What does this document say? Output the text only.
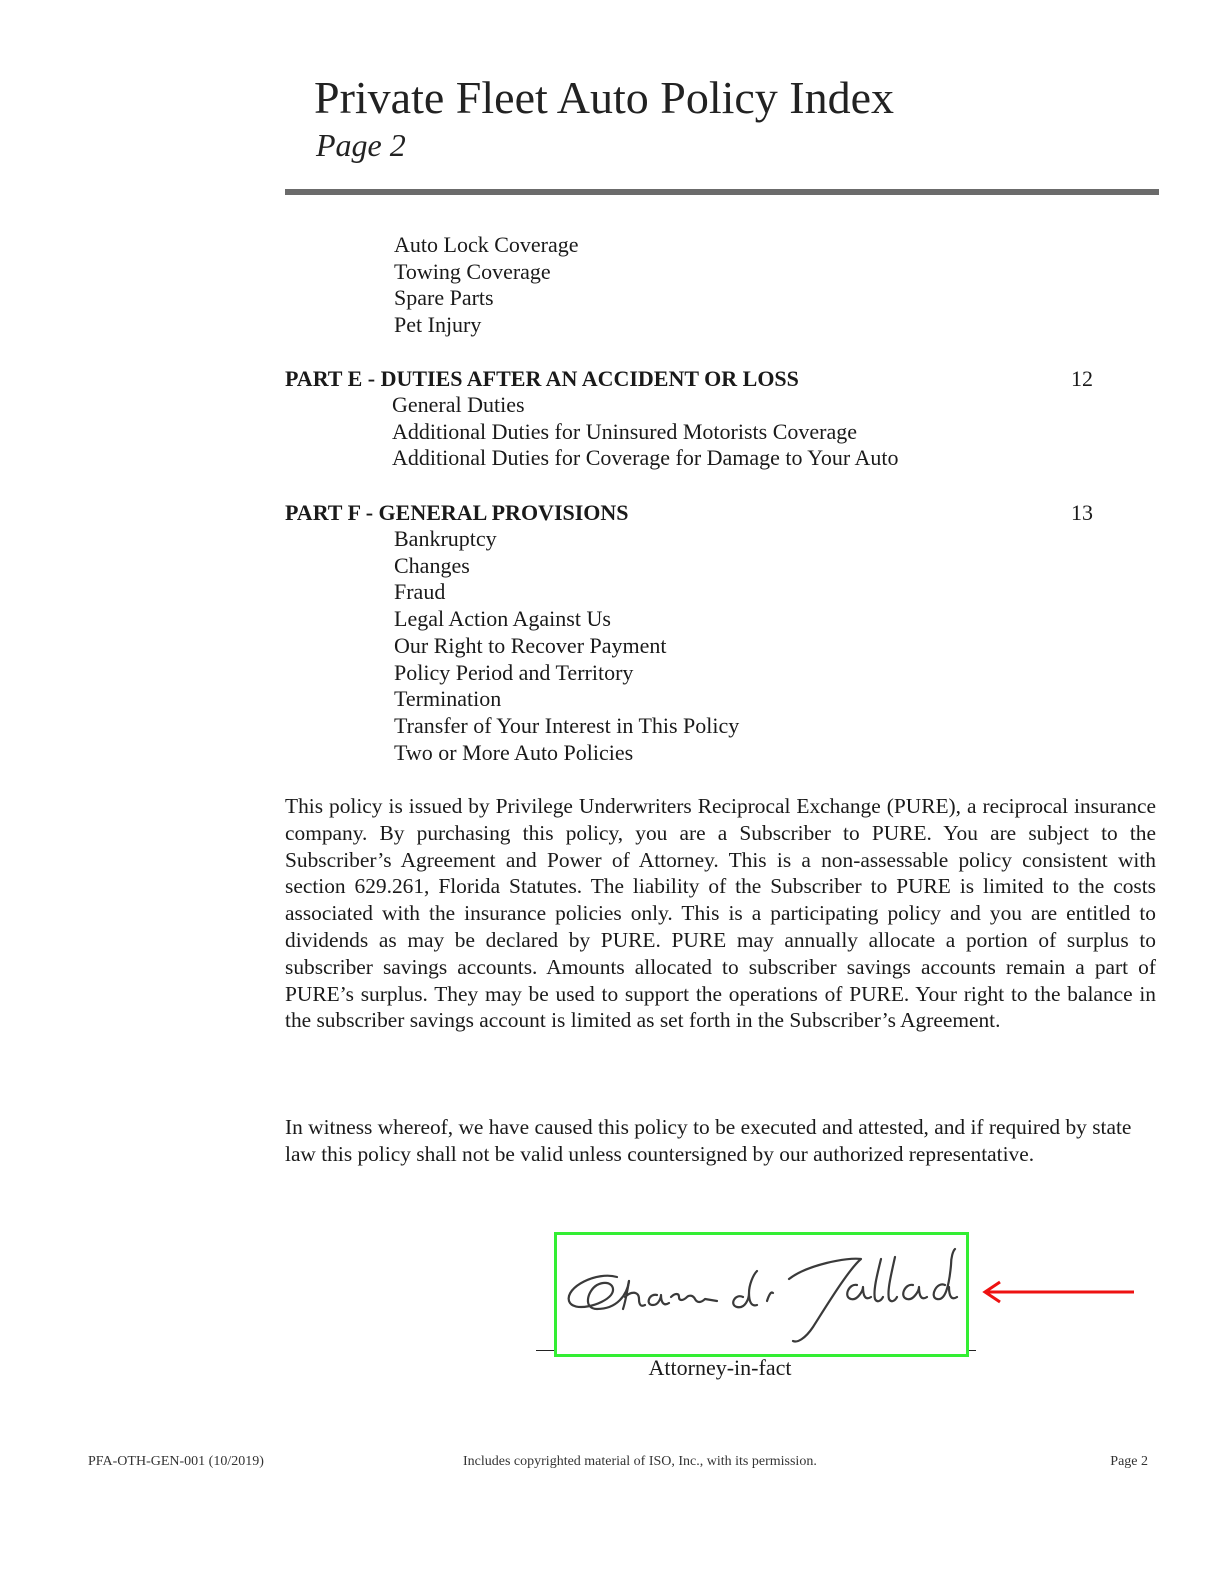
Private Fleet Auto Policy Index
Page 2
Auto Lock Coverage
Towing Coverage
Spare Parts
Pet Injury
PART E - DUTIES AFTER AN ACCIDENT OR LOSS	12
General Duties
Additional Duties for Uninsured Motorists Coverage
Additional Duties for Coverage for Damage to Your Auto
PART F - GENERAL PROVISIONS	13
Bankruptcy
Changes
Fraud
Legal Action Against Us
Our Right to Recover Payment
Policy Period and Territory
Termination
Transfer of Your Interest in This Policy
Two or More Auto Policies

This policy is issued by Privilege Underwriters Reciprocal Exchange (PURE), a reciprocal insurance company. By purchasing this policy, you are a Subscriber to PURE. You are subject to the Subscriber’s Agreement and Power of Attorney. This is a non-assessable policy consistent with section 629.261, Florida Statutes. The liability of the Subscriber to PURE is limited to the costs associated with the insurance policies only. This is a participating policy and you are entitled to dividends as may be declared by PURE. PURE may annually allocate a portion of surplus to subscriber savings accounts. Amounts allocated to subscriber savings accounts remain a part of PURE’s surplus. They may be used to support the operations of PURE. Your right to the balance in the subscriber savings account is limited as set forth in the Subscriber’s Agreement.

In witness whereof, we have caused this policy to be executed and attested, and if required by state law this policy shall not be valid unless countersigned by our authorized representative.

Attorney-in-fact
PFA-OTH-GEN-001 (10/2019)	Includes copyrighted material of ISO, Inc., with its permission.	Page 2
